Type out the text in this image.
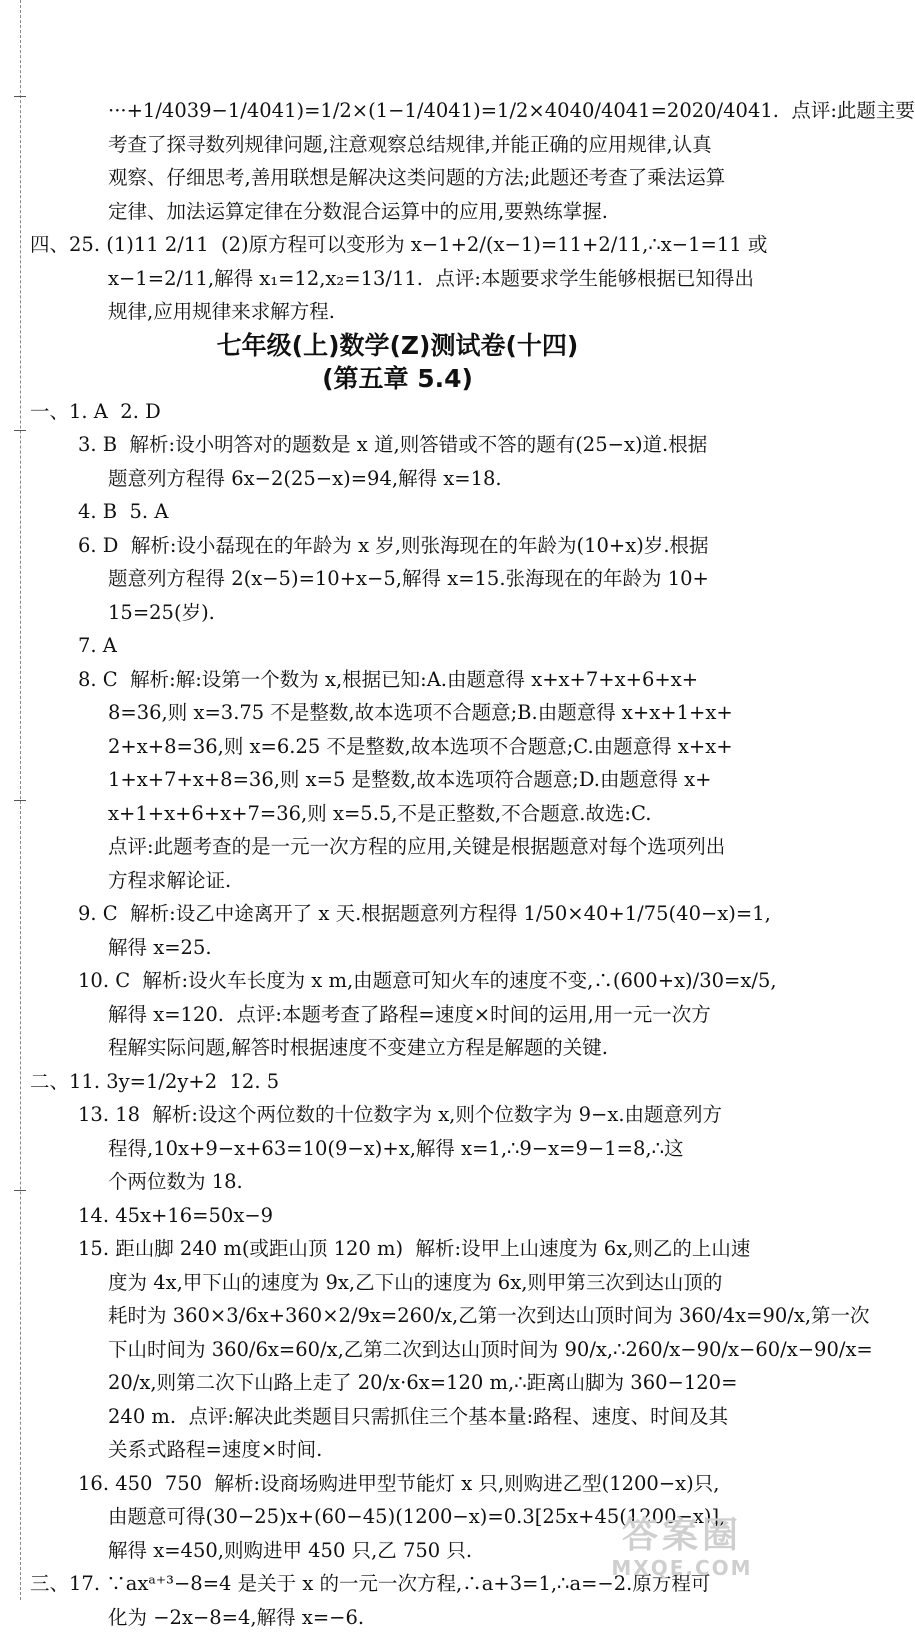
···+1/4039−1/4041)=1/2×(1−1/4041)=1/2×4040/4041=2020/4041.  点评:此题主要
考查了探寻数列规律问题,注意观察总结规律,并能正确的应用规律,认真
观察、仔细思考,善用联想是解决这类问题的方法;此题还考查了乘法运算
定律、加法运算定律在分数混合运算中的应用,要熟练掌握.
四、25. (1)11 2/11  (2)原方程可以变形为 x−1+2/(x−1)=11+2/11,∴x−1=11 或
x−1=2/11,解得 x₁=12,x₂=13/11.  点评:本题要求学生能够根据已知得出
规律,应用规律来求解方程.
七年级(上)数学(Z)测试卷(十四)
(第五章 5.4)
一、1. A  2. D
3. B  解析:设小明答对的题数是 x 道,则答错或不答的题有(25−x)道.根据
题意列方程得 6x−2(25−x)=94,解得 x=18.
4. B  5. A
6. D  解析:设小磊现在的年龄为 x 岁,则张海现在的年龄为(10+x)岁.根据
题意列方程得 2(x−5)=10+x−5,解得 x=15.张海现在的年龄为 10+
15=25(岁).
7. A
8. C  解析:解:设第一个数为 x,根据已知:A.由题意得 x+x+7+x+6+x+
8=36,则 x=3.75 不是整数,故本选项不合题意;B.由题意得 x+x+1+x+
2+x+8=36,则 x=6.25 不是整数,故本选项不合题意;C.由题意得 x+x+
1+x+7+x+8=36,则 x=5 是整数,故本选项符合题意;D.由题意得 x+
x+1+x+6+x+7=36,则 x=5.5,不是正整数,不合题意.故选:C.
点评:此题考查的是一元一次方程的应用,关键是根据题意对每个选项列出
方程求解论证.
9. C  解析:设乙中途离开了 x 天.根据题意列方程得 1/50×40+1/75(40−x)=1,
解得 x=25.
10. C  解析:设火车长度为 x m,由题意可知火车的速度不变,∴(600+x)/30=x/5,
解得 x=120.  点评:本题考查了路程=速度×时间的运用,用一元一次方
程解实际问题,解答时根据速度不变建立方程是解题的关键.
二、11. 3y=1/2y+2  12. 5
13. 18  解析:设这个两位数的十位数字为 x,则个位数字为 9−x.由题意列方
程得,10x+9−x+63=10(9−x)+x,解得 x=1,∴9−x=9−1=8,∴这
个两位数为 18.
14. 45x+16=50x−9
15. 距山脚 240 m(或距山顶 120 m)  解析:设甲上山速度为 6x,则乙的上山速
度为 4x,甲下山的速度为 9x,乙下山的速度为 6x,则甲第三次到达山顶的
耗时为 360×3/6x+360×2/9x=260/x,乙第一次到达山顶时间为 360/4x=90/x,第一次
下山时间为 360/6x=60/x,乙第二次到达山顶时间为 90/x,∴260/x−90/x−60/x−90/x=
20/x,则第二次下山路上走了 20/x·6x=120 m,∴距离山脚为 360−120=
240 m.  点评:解决此类题目只需抓住三个基本量:路程、速度、时间及其
关系式路程=速度×时间.
16. 450  750  解析:设商场购进甲型节能灯 x 只,则购进乙型(1200−x)只,
由题意可得(30−25)x+(60−45)(1200−x)=0.3[25x+45(1200−x)],
解得 x=450,则购进甲 450 只,乙 750 只.
三、17. ∵axᵃ⁺³−8=4 是关于 x 的一元一次方程,∴a+3=1,∴a=−2.原方程可
化为 −2x−8=4,解得 x=−6.
答案圈
MXQE.COM
